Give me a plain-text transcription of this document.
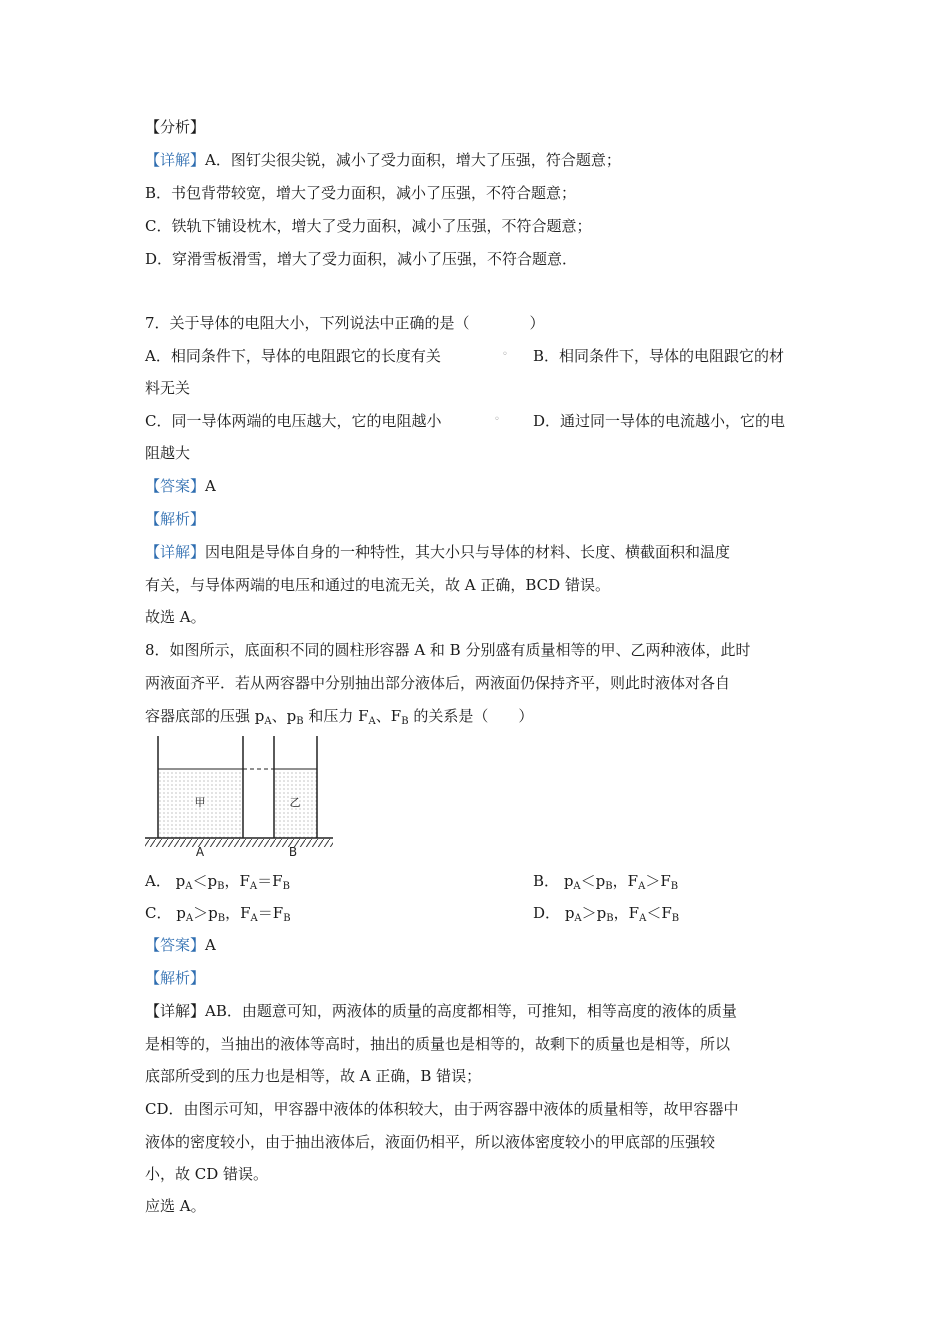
【分析】
【详解】A．图钉尖很尖锐，减小了受力面积，增大了压强，符合题意；
B．书包背带较宽，增大了受力面积，减小了压强，不符合题意；
C．铁轨下铺设枕木，增大了受力面积，减小了压强，不符合题意；
D．穿滑雪板滑雪，增大了受力面积，减小了压强，不符合题意．
7．关于导体的电阻大小，下列说法中正确的是（　　　　）
A．相同条件下，导体的电阻跟它的长度有关	◦ B．相同条件下，导体的电阻跟它的材
料无关
C．同一导体两端的电压越大，它的电阻越小	◦ D．通过同一导体的电流越小，它的电
阻越大
【答案】A
【解析】
【详解】 因电阻是导体自身的一种特性，其大小只与导体的材料、长度、横截面积和温度
有关，与导体两端的电压和通过的电流无关，故 A 正确，BCD 错误。
故选 A。
8．如图所示，底面积不同的圆柱形容器 A 和 B 分别盛有质量相等的甲、乙两种液体，此时
两液面齐平．若从两容器中分别抽出部分液体后，两液面仍保持齐平，则此时液体对各自
容器底部的压强 $p_A$、$p_B$ 和压力 $F_A$、$F_B$ 的关系是（　　）
甲	乙
A	B
A． $p_A<p_B$，$F_A=F_B$	B． $p_A<p_B$，$F_A>F_B$
C． $p_A>p_B$，$F_A=F_B$	D． $p_A>p_B$，$F_A<F_B$
【答案】A
【解析】
【详解】AB．由题意可知，两液体的质量的高度都相等，可推知，相等高度的液体的质量
是相等的，当抽出的液体等高时，抽出的质量也是相等的，故剩下的质量也是相等，所以
底部所受到的压力也是相等，故 A 正确，B 错误；
CD．由图示可知，甲容器中液体的体积较大，由于两容器中液体的质量相等，故甲容器中
液体的密度较小，由于抽出液体后，液面仍相平，所以液体密度较小的甲底部的压强较
小，故 CD 错误。
应选 A。
